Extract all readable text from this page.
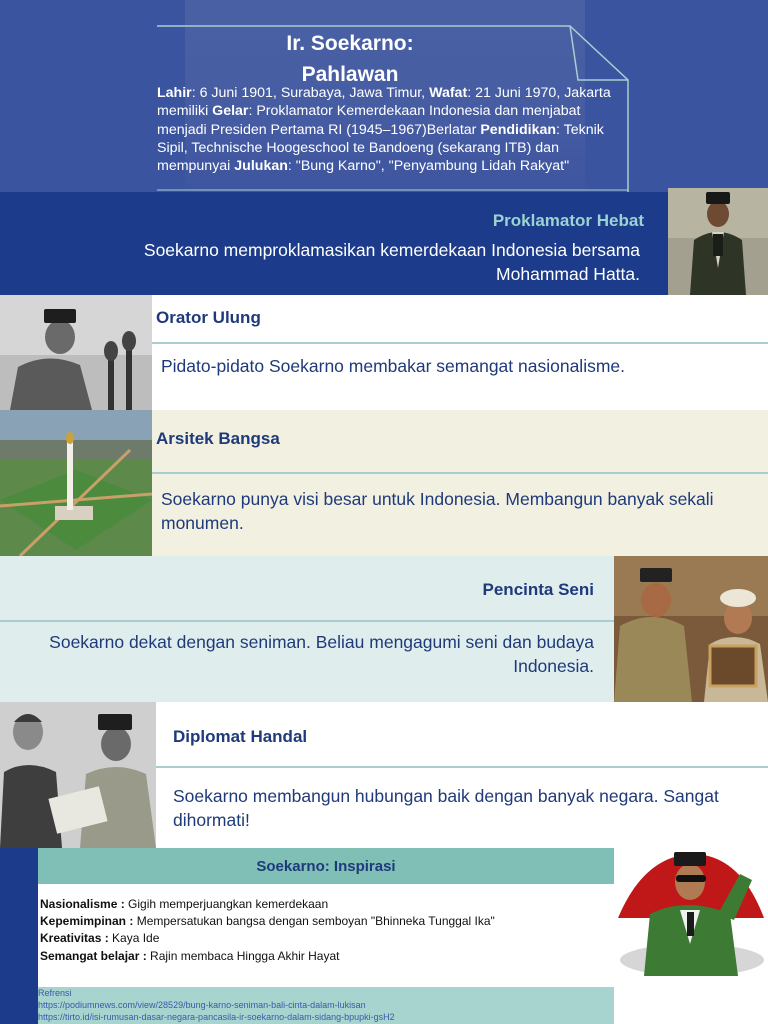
Ir. Soekarno:
Pahlawan
Lahir: 6 Juni 1901, Surabaya, Jawa Timur, Wafat: 21 Juni 1970, Jakarta memiliki Gelar: Proklamator Kemerdekaan Indonesia dan menjabat menjadi Presiden Pertama RI (1945–1967)Berlatar Pendidikan: Teknik Sipil, Technische Hoogeschool te Bandoeng (sekarang ITB) dan mempunyai Julukan: "Bung Karno", "Penyambung Lidah Rakyat"
Proklamator Hebat
Soekarno memproklamasikan kemerdekaan Indonesia bersama Mohammad Hatta.
Orator Ulung
Pidato-pidato Soekarno membakar semangat nasionalisme.
Arsitek Bangsa
Soekarno punya visi besar untuk Indonesia. Membangun banyak sekali monumen.
Pencinta Seni
Soekarno dekat dengan seniman. Beliau mengagumi seni dan budaya Indonesia.
Diplomat Handal
Soekarno membangun hubungan baik dengan banyak negara. Sangat dihormati!
Soekarno: Inspirasi
Nasionalisme : Gigih memperjuangkan kemerdekaan
Kepemimpinan : Mempersatukan bangsa dengan semboyan "Bhinneka Tunggal Ika"
Kreativitas : Kaya Ide
Semangat belajar : Rajin membaca Hingga Akhir Hayat
Refrensi
https://podiumnews.com/view/28529/bung-karno-seniman-bali-cinta-dalam-lukisan
https://tirto.id/isi-rumusan-dasar-negara-pancasila-ir-soekarno-dalam-sidang-bpupki-gsH2
